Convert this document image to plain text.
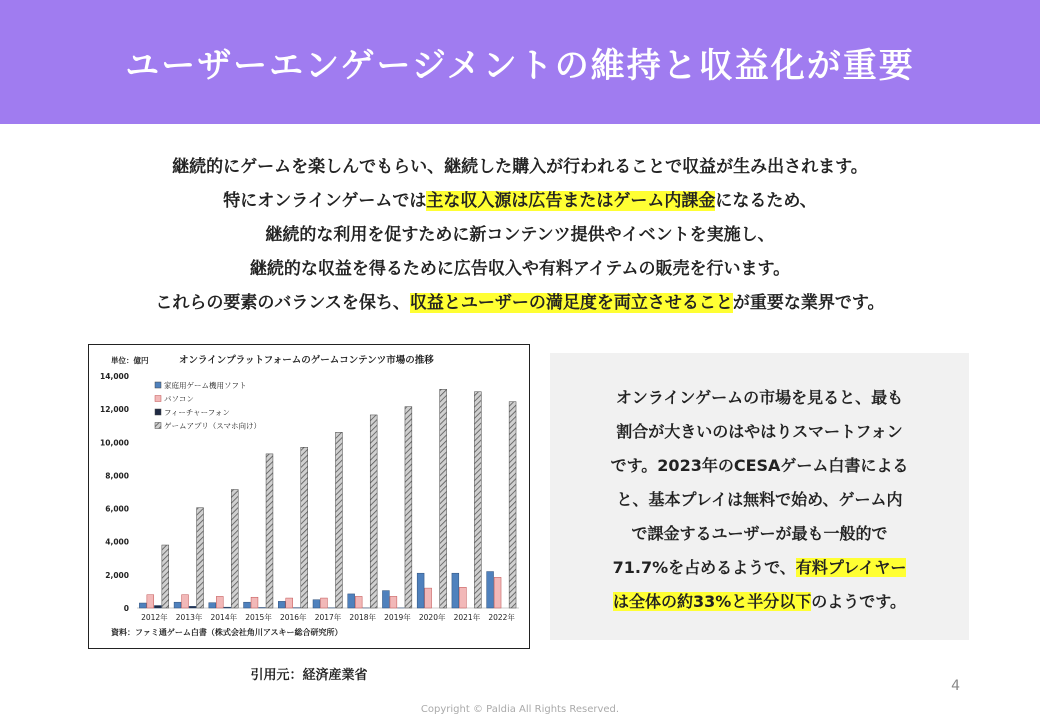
ユーザーエンゲージメントの維持と収益化が重要
継続的にゲームを楽しんでもらい、継続した購入が行われることで収益が生み出されます。
特にオンラインゲームでは主な収入源は広告またはゲーム内課金になるため、
継続的な利用を促すために新コンテンツ提供やイベントを実施し、
継続的な収益を得るために広告収入や有料アイテムの販売を行います。
これらの要素のバランスを保ち、収益とユーザーの満足度を両立させることが重要な業界です。
単位：億円	オンラインプラットフォームのゲームコンテンツ市場の推移
0
2,000
4,000
6,000
8,000
10,000
12,000
14,000
2012年 2013年 2014年 2015年 2016年 2017年 2018年 2019年 2020年 2021年 2022年
家庭用ゲーム機用ソフト
パソコン
フィーチャーフォン
ゲームアプリ（スマホ向け）
資料：ファミ通ゲーム白書（株式会社角川アスキー総合研究所）
引用元：経済産業省
オンラインゲームの市場を見ると、最も
割合が大きいのはやはりスマートフォン
です。2023年のCESAゲーム白書による
と、基本プレイは無料で始め、ゲーム内
で課金するユーザーが最も一般的で
71.7%を占めるようで、有料プレイヤー
は全体の約33%と半分以下のようです。
4
Copyright © Paldia All Rights Reserved.
